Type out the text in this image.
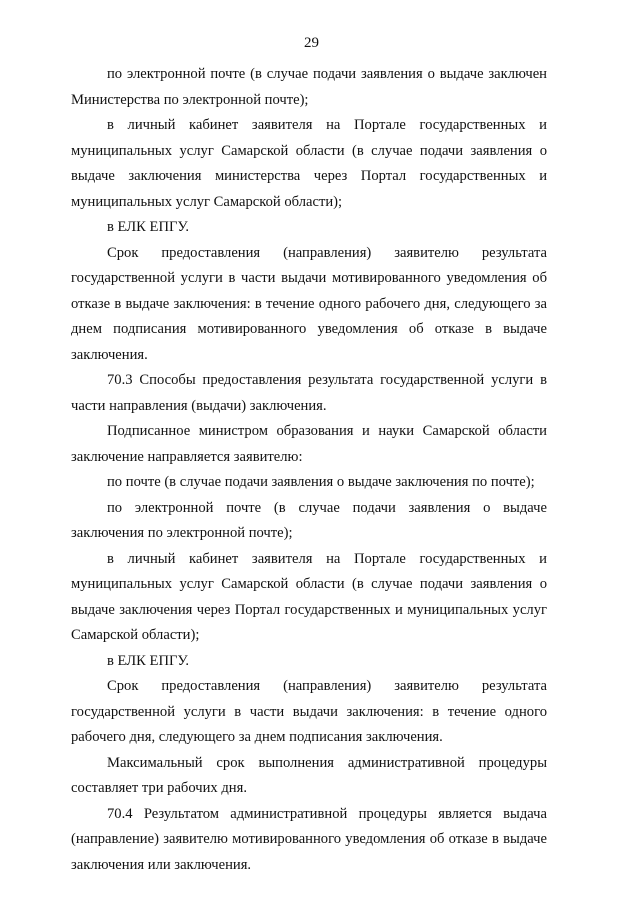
29

по электронной почте (в случае подачи заявления о выдаче заключен Министерства по электронной почте);

в личный кабинет заявителя на Портале государственных и муниципальных услуг Самарской области (в случае подачи заявления о выдаче заключения министерства через Портал государственных и муниципальных услуг Самарской области);

в ЕЛК ЕПГУ.

Срок предоставления (направления) заявителю результата государственной услуги в части выдачи мотивированного уведомления об отказе в выдаче заключения: в течение одного рабочего дня, следующего за днем подписания мотивированного уведомления об отказе в выдаче заключения.

70.3 Способы предоставления результата государственной услуги в части направления (выдачи) заключения.

Подписанное министром образования и науки Самарской области заключение направляется заявителю:

по почте (в случае подачи заявления о выдаче заключения по почте);

по электронной почте (в случае подачи заявления о выдаче заключения по электронной почте);

в личный кабинет заявителя на Портале государственных и муниципальных услуг Самарской области (в случае подачи заявления о выдаче заключения через Портал государственных и муниципальных услуг Самарской области);

в ЕЛК ЕПГУ.

Срок предоставления (направления) заявителю результата государственной услуги в части выдачи заключения: в течение одного рабочего дня, следующего за днем подписания заключения.

Максимальный срок выполнения административной процедуры составляет три рабочих дня.

70.4 Результатом административной процедуры является выдача (направление) заявителю мотивированного уведомления об отказе в выдаче заключения или заключения.
